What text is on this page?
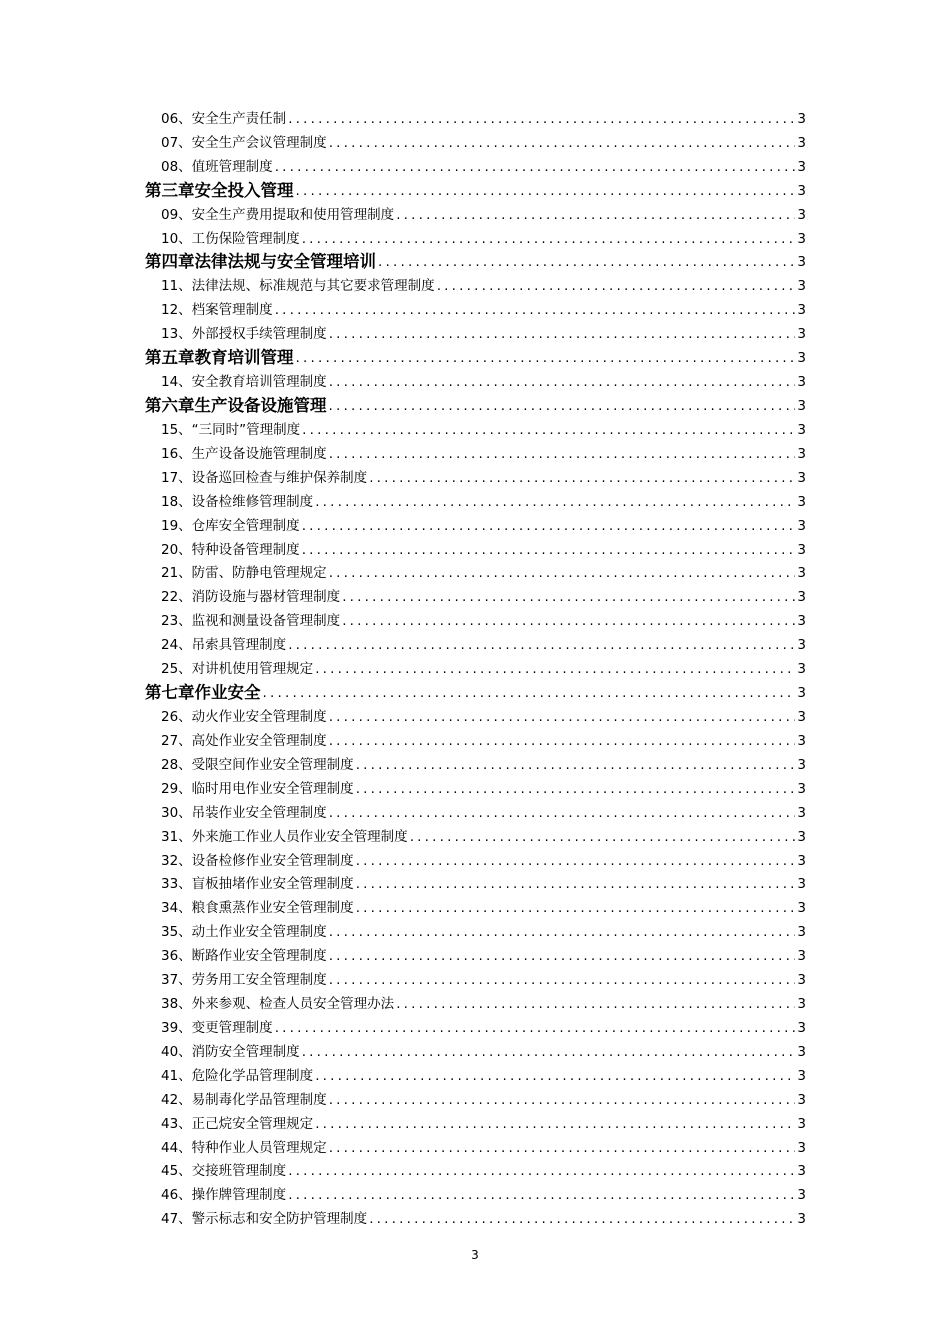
06、安全生产责任制 .....	3
07、安全生产会议管理制度 .....	3
08、值班管理制度 .....	3
第三章安全投入管理 .....	3
09、安全生产费用提取和使用管理制度 .....	3
10、工伤保险管理制度 .....	3
第四章法律法规与安全管理培训 .....	3
11、法律法规、标准规范与其它要求管理制度 .....	3
12、档案管理制度 .....	3
13、外部授权手续管理制度 .....	3
第五章教育培训管理 .....	3
14、安全教育培训管理制度 .....	3
第六章生产设备设施管理 .....	3
15、“三同时”管理制度 .....	3
16、生产设备设施管理制度 .....	3
17、设备巡回检查与维护保养制度 .....	3
18、设备检维修管理制度 .....	3
19、仓库安全管理制度 .....	3
20、特种设备管理制度 .....	3
21、防雷、防静电管理规定 .....	3
22、消防设施与器材管理制度 .....	3
23、监视和测量设备管理制度 .....	3
24、吊索具管理制度 .....	3
25、对讲机使用管理规定 .....	3
第七章作业安全 .....	3
26、动火作业安全管理制度 .....	3
27、高处作业安全管理制度 .....	3
28、受限空间作业安全管理制度 .....	3
29、临时用电作业安全管理制度 .....	3
30、吊装作业安全管理制度 .....	3
31、外来施工作业人员作业安全管理制度 .....	3
32、设备检修作业安全管理制度 .....	3
33、盲板抽堵作业安全管理制度 .....	3
34、粮食熏蒸作业安全管理制度 .....	3
35、动土作业安全管理制度 .....	3
36、断路作业安全管理制度 .....	3
37、劳务用工安全管理制度 .....	3
38、外来参观、检查人员安全管理办法 .....	3
39、变更管理制度 .....	3
40、消防安全管理制度 .....	3
41、危险化学品管理制度 .....	3
42、易制毒化学品管理制度 .....	3
43、正己烷安全管理规定 .....	3
44、特种作业人员管理规定 .....	3
45、交接班管理制度 .....	3
46、操作牌管理制度 .....	3
47、警示标志和安全防护管理制度 .....	3
3
